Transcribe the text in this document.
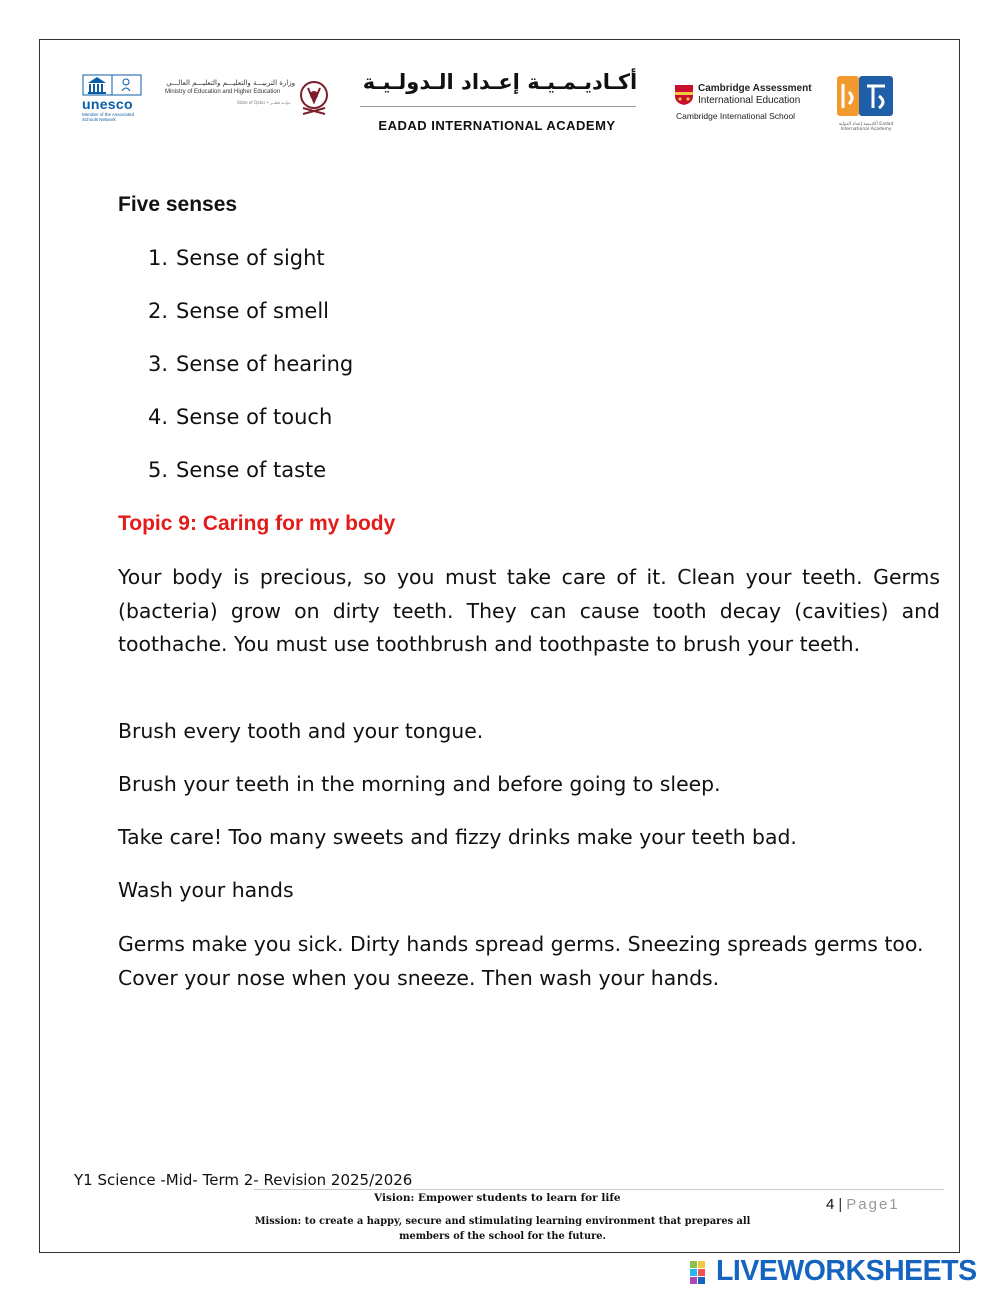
unesco
Member of the Associated Schools Network
وزارة التربيـــة والتعليـــم والتعليـــم العالـــي
Ministry of Education and Higher Education
State of Qatar • دولــة قطــر
أكـاديـمـيـة إعـداد الـدولـيـة
EADAD INTERNATIONAL ACADEMY
Cambridge Assessment
International Education
Cambridge International School
أكاديمية إعداد الدولية Eadad International Academy
Five senses
1. Sense of sight
2. Sense of smell
3. Sense of hearing
4. Sense of touch
5. Sense of taste
Topic 9: Caring for my body
Your body is precious, so you must take care of it. Clean your teeth. Germs (bacteria) grow on dirty teeth. They can cause tooth decay (cavities) and toothache. You must use toothbrush and toothpaste to brush your teeth.
Brush every tooth and your tongue.
Brush your teeth in the morning and before going to sleep.
Take care! Too many sweets and fizzy drinks make your teeth bad.
Wash your hands
Germs make you sick. Dirty hands spread germs. Sneezing spreads germs too. Cover your nose when you sneeze. Then wash your hands.
Y1 Science -Mid- Term 2- Revision 2025/2026
Vision: Empower students to learn for life
Mission: to create a happy, secure and stimulating learning environment that prepares all members of the school for the future.
4 | Page1
LIVEWORKSHEETS
